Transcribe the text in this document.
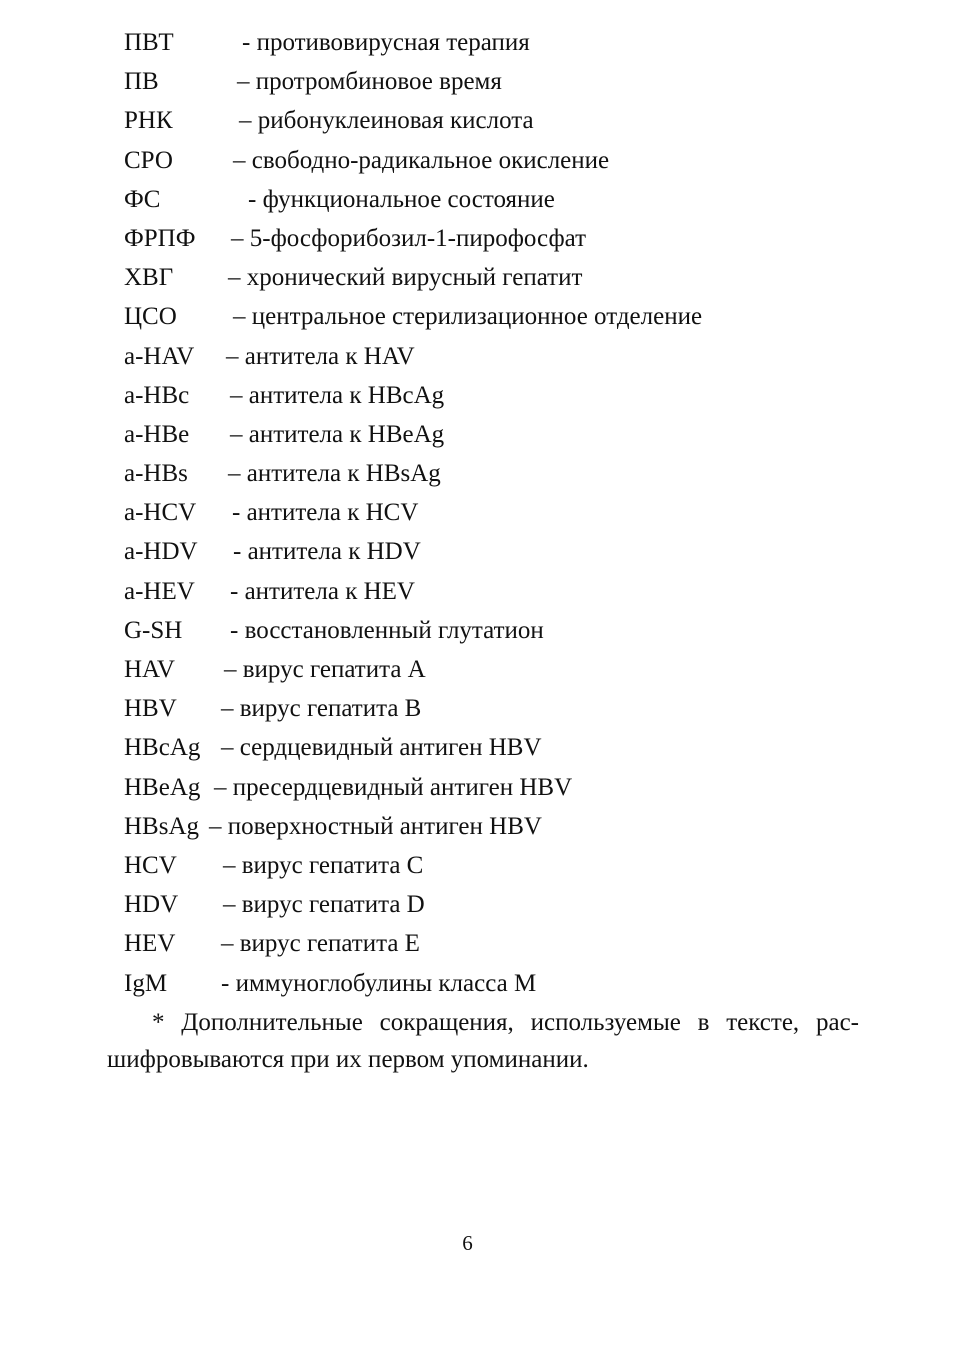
ПВТ	- противовирусная терапия
ПВ	– протромбиновое время
РНК	– рибонуклеиновая кислота
СРО – свободно-радикальное окисление
ФС	- функциональное состояние
ФРПФ – 5-фосфорибозил-1-пирофосфат
ХВГ – хронический вирусный гепатит
ЦСО – центральное стерилизационное отделение
a-HAV – антитела к HAV
a-HBc – антитела к HBcAg
a-HBe – антитела к HBeAg
a-HBs – антитела к HBsAg
a-HCV - антитела к HCV
a-HDV - антитела к HDV
a-HEV - антитела к HEV
G-SH - восстановленный глутатион
HAV – вирус гепатита А
HBV – вирус гепатита В
HBcAg – сердцевидный антиген HBV
HBeAg – пресердцевидный антиген HBV
HBsAg – поверхностный антиген HBV
HCV – вирус гепатита С
HDV – вирус гепатита D
HEV – вирус гепатита Е
IgM - иммуноглобулины класса М

* Дополнительные сокращения, используемые в тексте, рас-шифровываются при их первом упоминании.

6
